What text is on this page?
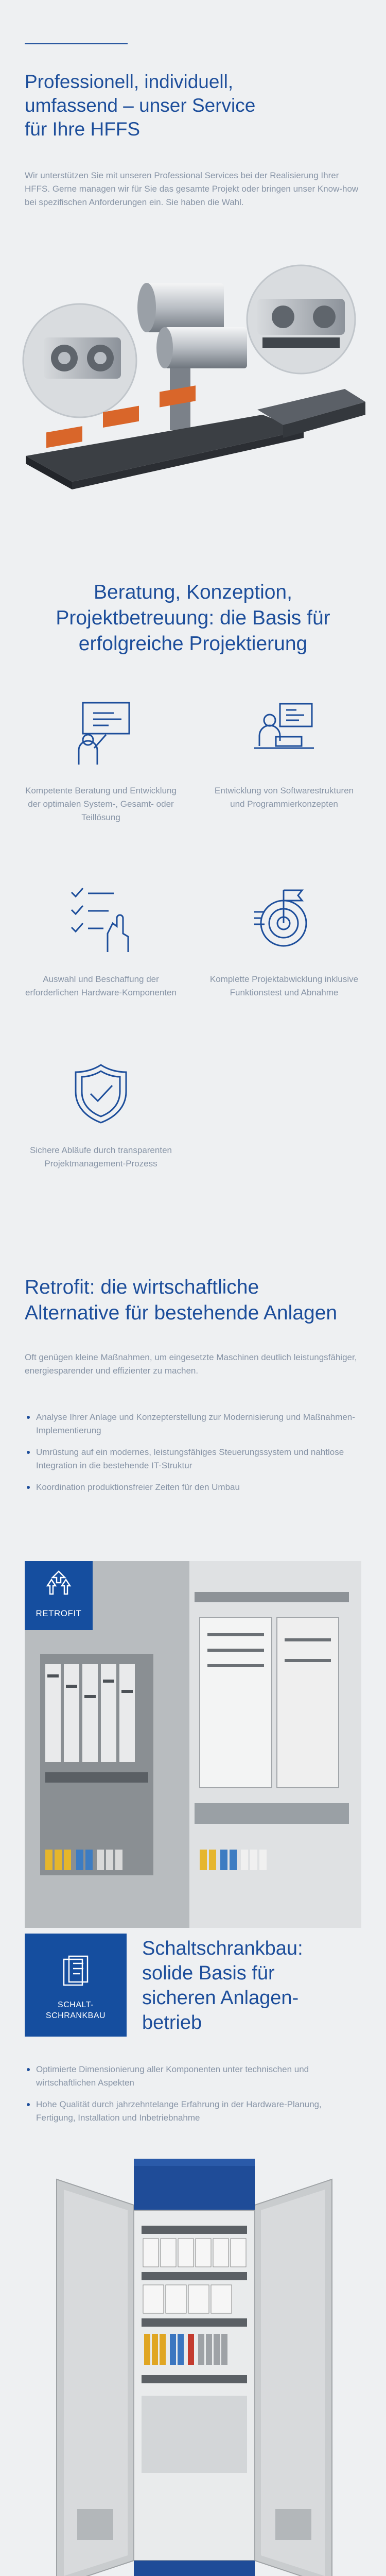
Professionell, individuell,
umfassend – unser Service
für Ihre HFFS

Wir unterstützen Sie mit unseren Professional Services bei der Realisierung Ihrer HFFS. Gerne managen wir für Sie das gesamte Projekt oder bringen unser Know-how bei spezifischen Anforderungen ein. Sie haben die Wahl.

Beratung, Konzeption,
Projektbetreuung: die Basis für
erfolgreiche Projektierung
Kompetente Beratung und Entwicklung der optimalen System-, Gesamt- oder Teillösung
Entwicklung von Softwarestrukturen und Programmierkonzepten
Auswahl und Beschaffung der erforderlichen Hardware-Komponenten
Komplette Projektabwicklung inklusive Funktionstest und Abnahme
Sichere Abläufe durch transparenten Projektmanagement-Prozess
Retrofit: die wirtschaftliche
Alternative für bestehende Anlagen

Oft genügen kleine Maßnahmen, um eingesetzte Maschinen deutlich leistungsfähiger, energiesparender und effizienter zu machen.

Analyse Ihrer Anlage und Konzepterstellung zur Modernisierung und Maßnahmen-Implementierung
Umrüstung auf ein modernes, leistungsfähiges Steuerungssystem und nahtlose Integration in die bestehende IT-Struktur
Koordination produktionsfreier Zeiten für den Umbau
RETROFIT
SCHALT-
SCHRANKBAU
Schaltschrankbau:
solide Basis für
sicheren Anlagen-
betrieb
Optimierte Dimensionierung aller Komponenten unter technischen und wirtschaftlichen Aspekten
Hohe Qualität durch jahrzehntelange Erfahrung in der Hardware-Planung, Fertigung, Installation und Inbetriebnahme
